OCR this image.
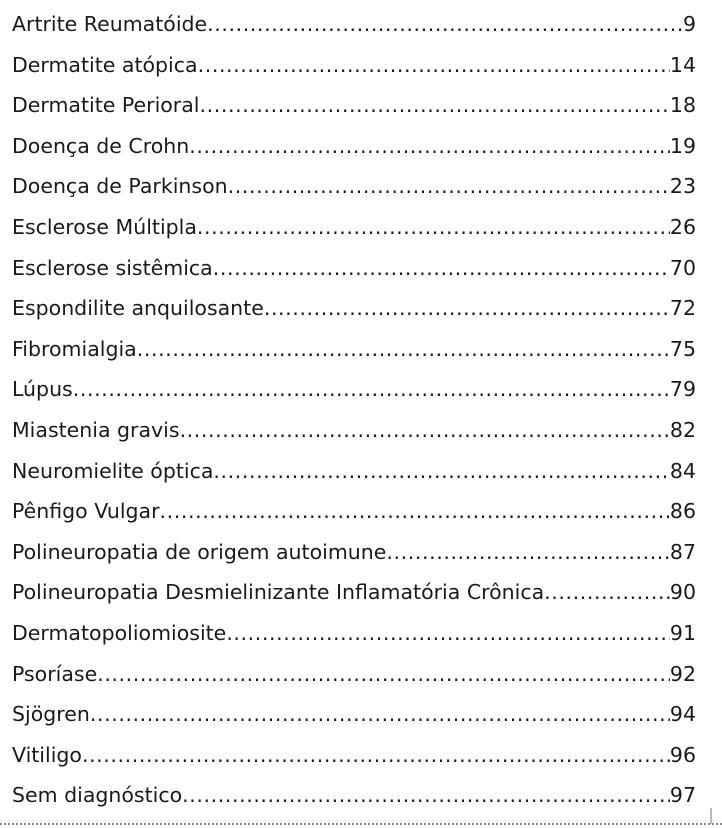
Artrite Reumatóide .....	9
Dermatite atópica .....	14
Dermatite Perioral .....	18
Doença de Crohn .....	19
Doença de Parkinson .....	23
Esclerose Múltipla .....	26
Esclerose sistêmica .....	70
Espondilite anquilosante .....	72
Fibromialgia .....	75
Lúpus .....	79
Miastenia gravis .....	82
Neuromielite óptica .....	84
Pênfigo Vulgar .....	86
Polineuropatia de origem autoimune .....	87
Polineuropatia Desmielinizante Inflamatória Crônica .....	90
Dermatopoliomiosite .....	91
Psoríase .....	92
Sjögren .....	94
Vitiligo .....	96
Sem diagnóstico .....	97
